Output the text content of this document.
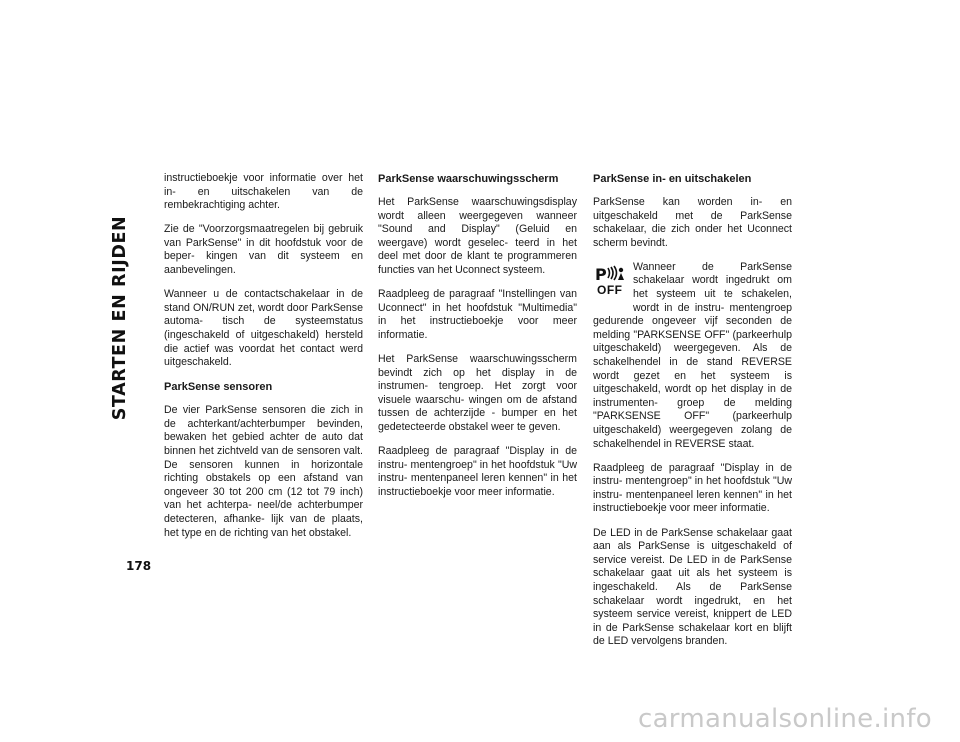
STARTEN EN RIJDEN
178

instructieboekje voor informatie over het in- en uitschakelen van de rembekrachtiging achter.

Zie de "Voorzorgsmaatregelen bij gebruik van ParkSense" in dit hoofdstuk voor de beper- kingen van dit systeem en aanbevelingen.

Wanneer u de contactschakelaar in de stand ON/RUN zet, wordt door ParkSense automa- tisch de systeemstatus (ingeschakeld of uitgeschakeld) hersteld die actief was voordat het contact werd uitgeschakeld.

ParkSense sensoren

De vier ParkSense sensoren die zich in de achterkant/achterbumper bevinden, bewaken het gebied achter de auto dat binnen het zichtveld van de sensoren valt. De sensoren kunnen in horizontale richting obstakels op een afstand van ongeveer 30 tot 200 cm (12 tot 79 inch) van het achterpa- neel/de achterbumper detecteren, afhanke- lijk van de plaats, het type en de richting van het obstakel.

ParkSense waarschuwingsscherm

Het ParkSense waarschuwingsdisplay wordt alleen weergegeven wanneer "Sound and Display" (Geluid en weergave) wordt geselec- teerd in het deel met door de klant te programmeren functies van het Uconnect systeem.

Raadpleeg de paragraaf "Instellingen van Uconnect" in het hoofdstuk "Multimedia" in het instructieboekje voor meer informatie.

Het ParkSense waarschuwingsscherm bevindt zich op het display in de instrumen- tengroep. Het zorgt voor visuele waarschu- wingen om de afstand tussen de achterzijde - bumper en het gedetecteerde obstakel weer te geven.

Raadpleeg de paragraaf "Display in de instru- mentengroep" in het hoofdstuk "Uw instru- mentenpaneel leren kennen" in het instructieboekje voor meer informatie.

ParkSense in- en uitschakelen

ParkSense kan worden in- en uitgeschakeld met de ParkSense schakelaar, die zich onder het Uconnect scherm bevindt.

P
OFF

Wanneer de ParkSense schakelaar wordt ingedrukt om het systeem uit te schakelen, wordt in de instru- mentengroep gedurende ongeveer vijf seconden de melding "PARKSENSE OFF" (parkeerhulp uitgeschakeld) weergegeven. Als de schakelhendel in de stand REVERSE wordt gezet en het systeem is uitgeschakeld, wordt op het display in de instrumenten- groep de melding "PARKSENSE OFF" (parkeerhulp uitgeschakeld) weergegeven zolang de schakelhendel in REVERSE staat.

Raadpleeg de paragraaf "Display in de instru- mentengroep" in het hoofdstuk "Uw instru- mentenpaneel leren kennen" in het instructieboekje voor meer informatie.

De LED in de ParkSense schakelaar gaat aan als ParkSense is uitgeschakeld of service vereist. De LED in de ParkSense schakelaar gaat uit als het systeem is ingeschakeld. Als de ParkSense schakelaar wordt ingedrukt, en het systeem service vereist, knippert de LED in de ParkSense schakelaar kort en blijft de LED vervolgens branden.

carmanualsonline.info
